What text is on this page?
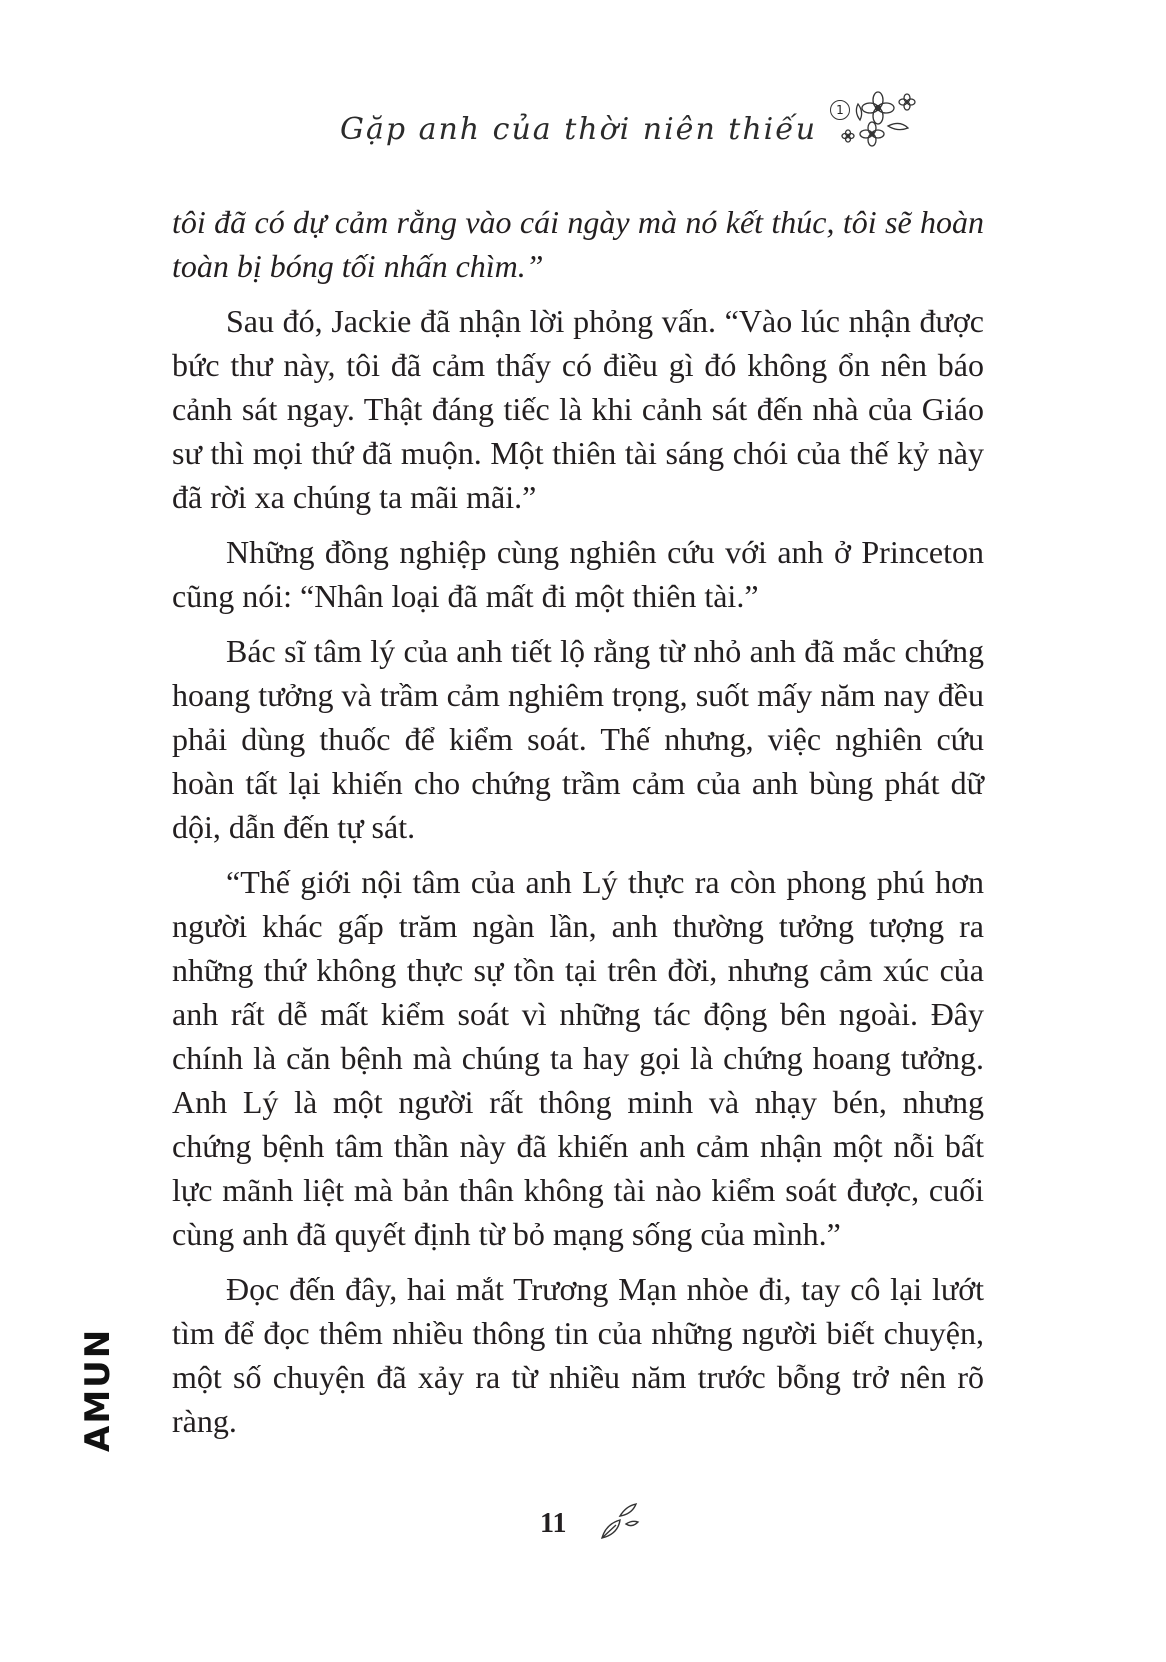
Gặp anh của thời niên thiếu
1

tôi đã có dự cảm rằng vào cái ngày mà nó kết thúc, tôi sẽ hoàn toàn bị bóng tối nhấn chìm.”

Sau đó, Jackie đã nhận lời phỏng vấn. “Vào lúc nhận được bức thư này, tôi đã cảm thấy có điều gì đó không ổn nên báo cảnh sát ngay. Thật đáng tiếc là khi cảnh sát đến nhà của Giáo sư thì mọi thứ đã muộn. Một thiên tài sáng chói của thế kỷ này đã rời xa chúng ta mãi mãi.”

Những đồng nghiệp cùng nghiên cứu với anh ở Princeton cũng nói: “Nhân loại đã mất đi một thiên tài.”

Bác sĩ tâm lý của anh tiết lộ rằng từ nhỏ anh đã mắc chứng hoang tưởng và trầm cảm nghiêm trọng, suốt mấy năm nay đều phải dùng thuốc để kiểm soát. Thế nhưng, việc nghiên cứu hoàn tất lại khiến cho chứng trầm cảm của anh bùng phát dữ dội, dẫn đến tự sát.

“Thế giới nội tâm của anh Lý thực ra còn phong phú hơn người khác gấp trăm ngàn lần, anh thường tưởng tượng ra những thứ không thực sự tồn tại trên đời, nhưng cảm xúc của anh rất dễ mất kiểm soát vì những tác động bên ngoài. Đây chính là căn bệnh mà chúng ta hay gọi là chứng hoang tưởng. Anh Lý là một người rất thông minh và nhạy bén, nhưng chứng bệnh tâm thần này đã khiến anh cảm nhận một nỗi bất lực mãnh liệt mà bản thân không tài nào kiểm soát được, cuối cùng anh đã quyết định từ bỏ mạng sống của mình.”

Đọc đến đây, hai mắt Trương Mạn nhòe đi, tay cô lại lướt tìm để đọc thêm nhiều thông tin của những người biết chuyện, một số chuyện đã xảy ra từ nhiều năm trước bỗng trở nên rõ ràng.

11
AMUN
